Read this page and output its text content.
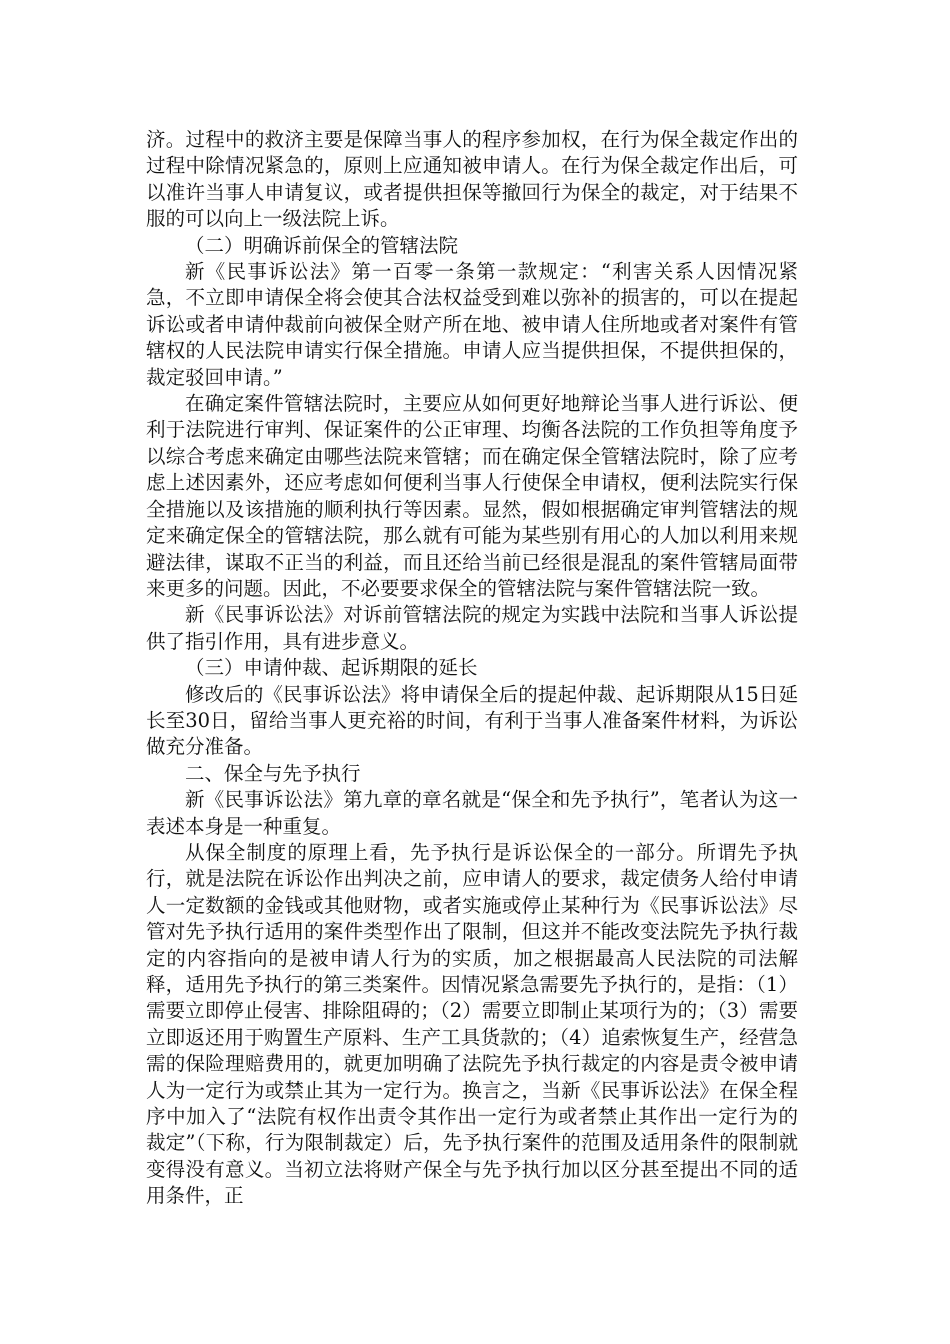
济。过程中的救济主要是保障当事人的程序参加权，在行为保全裁定作出的过程中除情况紧急的，原则上应通知被申请人。在行为保全裁定作出后，可以准许当事人申请复议，或者提供担保等撤回行为保全的裁定，对于结果不服的可以向上一级法院上诉。

（二）明确诉前保全的管辖法院

新《民事诉讼法》第一百零一条第一款规定：“利害关系人因情况紧急，不立即申请保全将会使其合法权益受到难以弥补的损害的，可以在提起诉讼或者申请仲裁前向被保全财产所在地、被申请人住所地或者对案件有管辖权的人民法院申请实行保全措施。申请人应当提供担保，不提供担保的，裁定驳回申请。”

在确定案件管辖法院时，主要应从如何更好地辩论当事人进行诉讼、便利于法院进行审判、保证案件的公正审理、均衡各法院的工作负担等角度予以综合考虑来确定由哪些法院来管辖；而在确定保全管辖法院时，除了应考虑上述因素外，还应考虑如何便利当事人行使保全申请权，便利法院实行保全措施以及该措施的顺利执行等因素。显然，假如根据确定审判管辖法的规定来确定保全的管辖法院，那么就有可能为某些别有用心的人加以利用来规避法律，谋取不正当的利益，而且还给当前已经很是混乱的案件管辖局面带来更多的问题。因此，不必要要求保全的管辖法院与案件管辖法院一致。

新《民事诉讼法》对诉前管辖法院的规定为实践中法院和当事人诉讼提供了指引作用，具有进步意义。

（三）申请仲裁、起诉期限的延长

修改后的《民事诉讼法》将申请保全后的提起仲裁、起诉期限从15日延长至30日，留给当事人更充裕的时间，有利于当事人准备案件材料，为诉讼做充分准备。

二、保全与先予执行

新《民事诉讼法》第九章的章名就是“保全和先予执行”，笔者认为这一表述本身是一种重复。

从保全制度的原理上看，先予执行是诉讼保全的一部分。所谓先予执行，就是法院在诉讼作出判决之前，应申请人的要求，裁定债务人给付申请人一定数额的金钱或其他财物，或者实施或停止某种行为《民事诉讼法》尽管对先予执行适用的案件类型作出了限制，但这并不能改变法院先予执行裁定的内容指向的是被申请人行为的实质，加之根据最高人民法院的司法解释，适用先予执行的第三类案件。因情况紧急需要先予执行的，是指：（1）需要立即停止侵害、排除阻碍的；（2）需要立即制止某项行为的；（3）需要立即返还用于购置生产原料、生产工具货款的；（4）追索恢复生产，经营急需的保险理赔费用的，就更加明确了法院先予执行裁定的内容是责令被申请人为一定行为或禁止其为一定行为。换言之，当新《民事诉讼法》在保全程序中加入了“法院有权作出责令其作出一定行为或者禁止其作出一定行为的裁定”（下称，行为限制裁定）后，先予执行案件的范围及适用条件的限制就变得没有意义。当初立法将财产保全与先予执行加以区分甚至提出不同的适用条件，正
